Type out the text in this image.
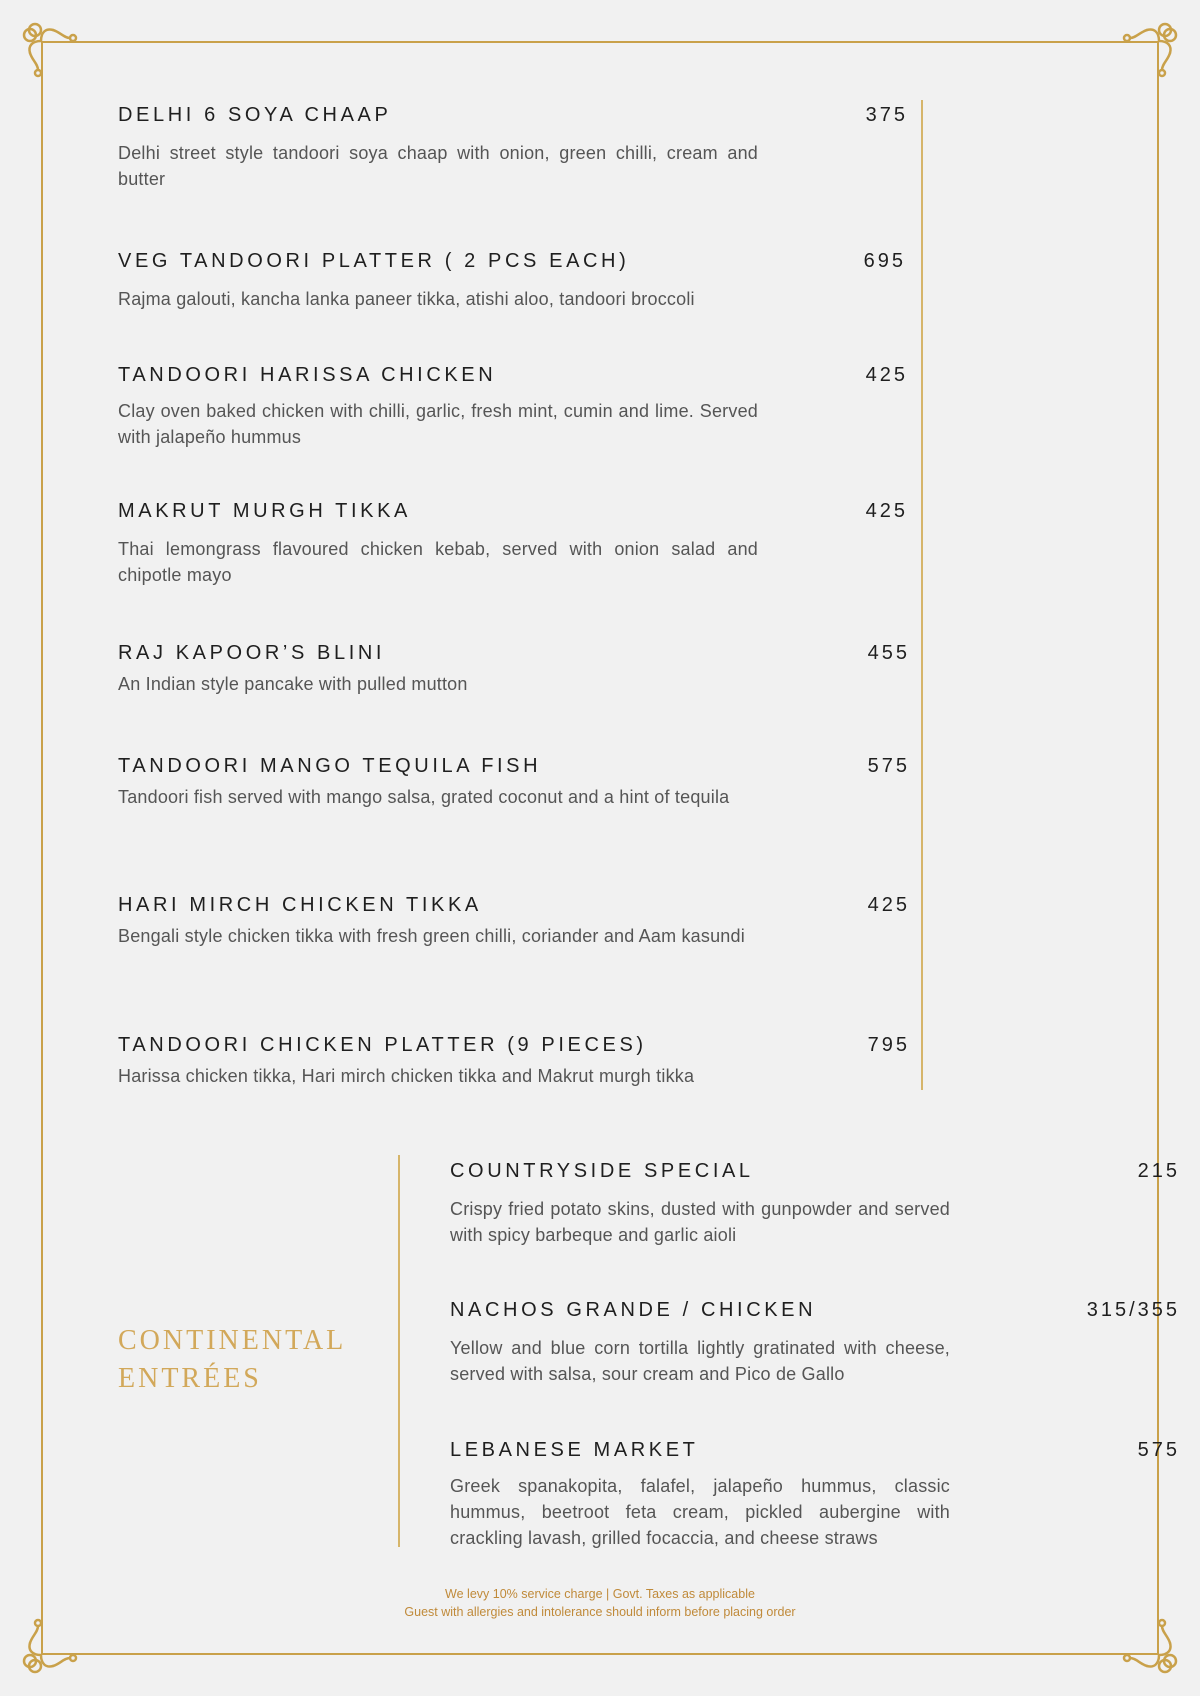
DELHI 6 SOYA CHAAP	375
Delhi street style tandoori soya chaap with onion, green chilli, cream and butter
VEG TANDOORI PLATTER ( 2 PCS EACH)	695
Rajma galouti, kancha lanka paneer tikka, atishi aloo, tandoori broccoli
TANDOORI HARISSA CHICKEN	425
Clay oven baked chicken with chilli, garlic, fresh mint, cumin and lime. Served with jalapeño hummus
MAKRUT MURGH TIKKA	425
Thai lemongrass flavoured chicken kebab, served with onion salad and chipotle mayo
RAJ KAPOOR’S BLINI	455
An Indian style pancake with pulled mutton
TANDOORI MANGO TEQUILA FISH	575
Tandoori fish served with mango salsa, grated coconut and a hint of tequila
HARI MIRCH CHICKEN TIKKA	425
Bengali style chicken tikka with fresh green chilli, coriander and Aam kasundi
TANDOORI CHICKEN PLATTER (9 PIECES)	795
Harissa chicken tikka, Hari mirch chicken tikka and Makrut murgh tikka
CONTINENTAL
ENTRÉES
COUNTRYSIDE SPECIAL	215
Crispy fried potato skins, dusted with gunpowder and served with spicy barbeque and garlic aioli
NACHOS GRANDE / CHICKEN	315/355
Yellow and blue corn tortilla lightly gratinated with cheese, served with salsa, sour cream and Pico de Gallo
LEBANESE MARKET	575
Greek spanakopita, falafel, jalapeño hummus, classic hummus, beetroot feta cream, pickled aubergine with crackling lavash, grilled focaccia, and cheese straws
We levy 10% service charge | Govt. Taxes as applicable
Guest with allergies and intolerance should inform before placing order
